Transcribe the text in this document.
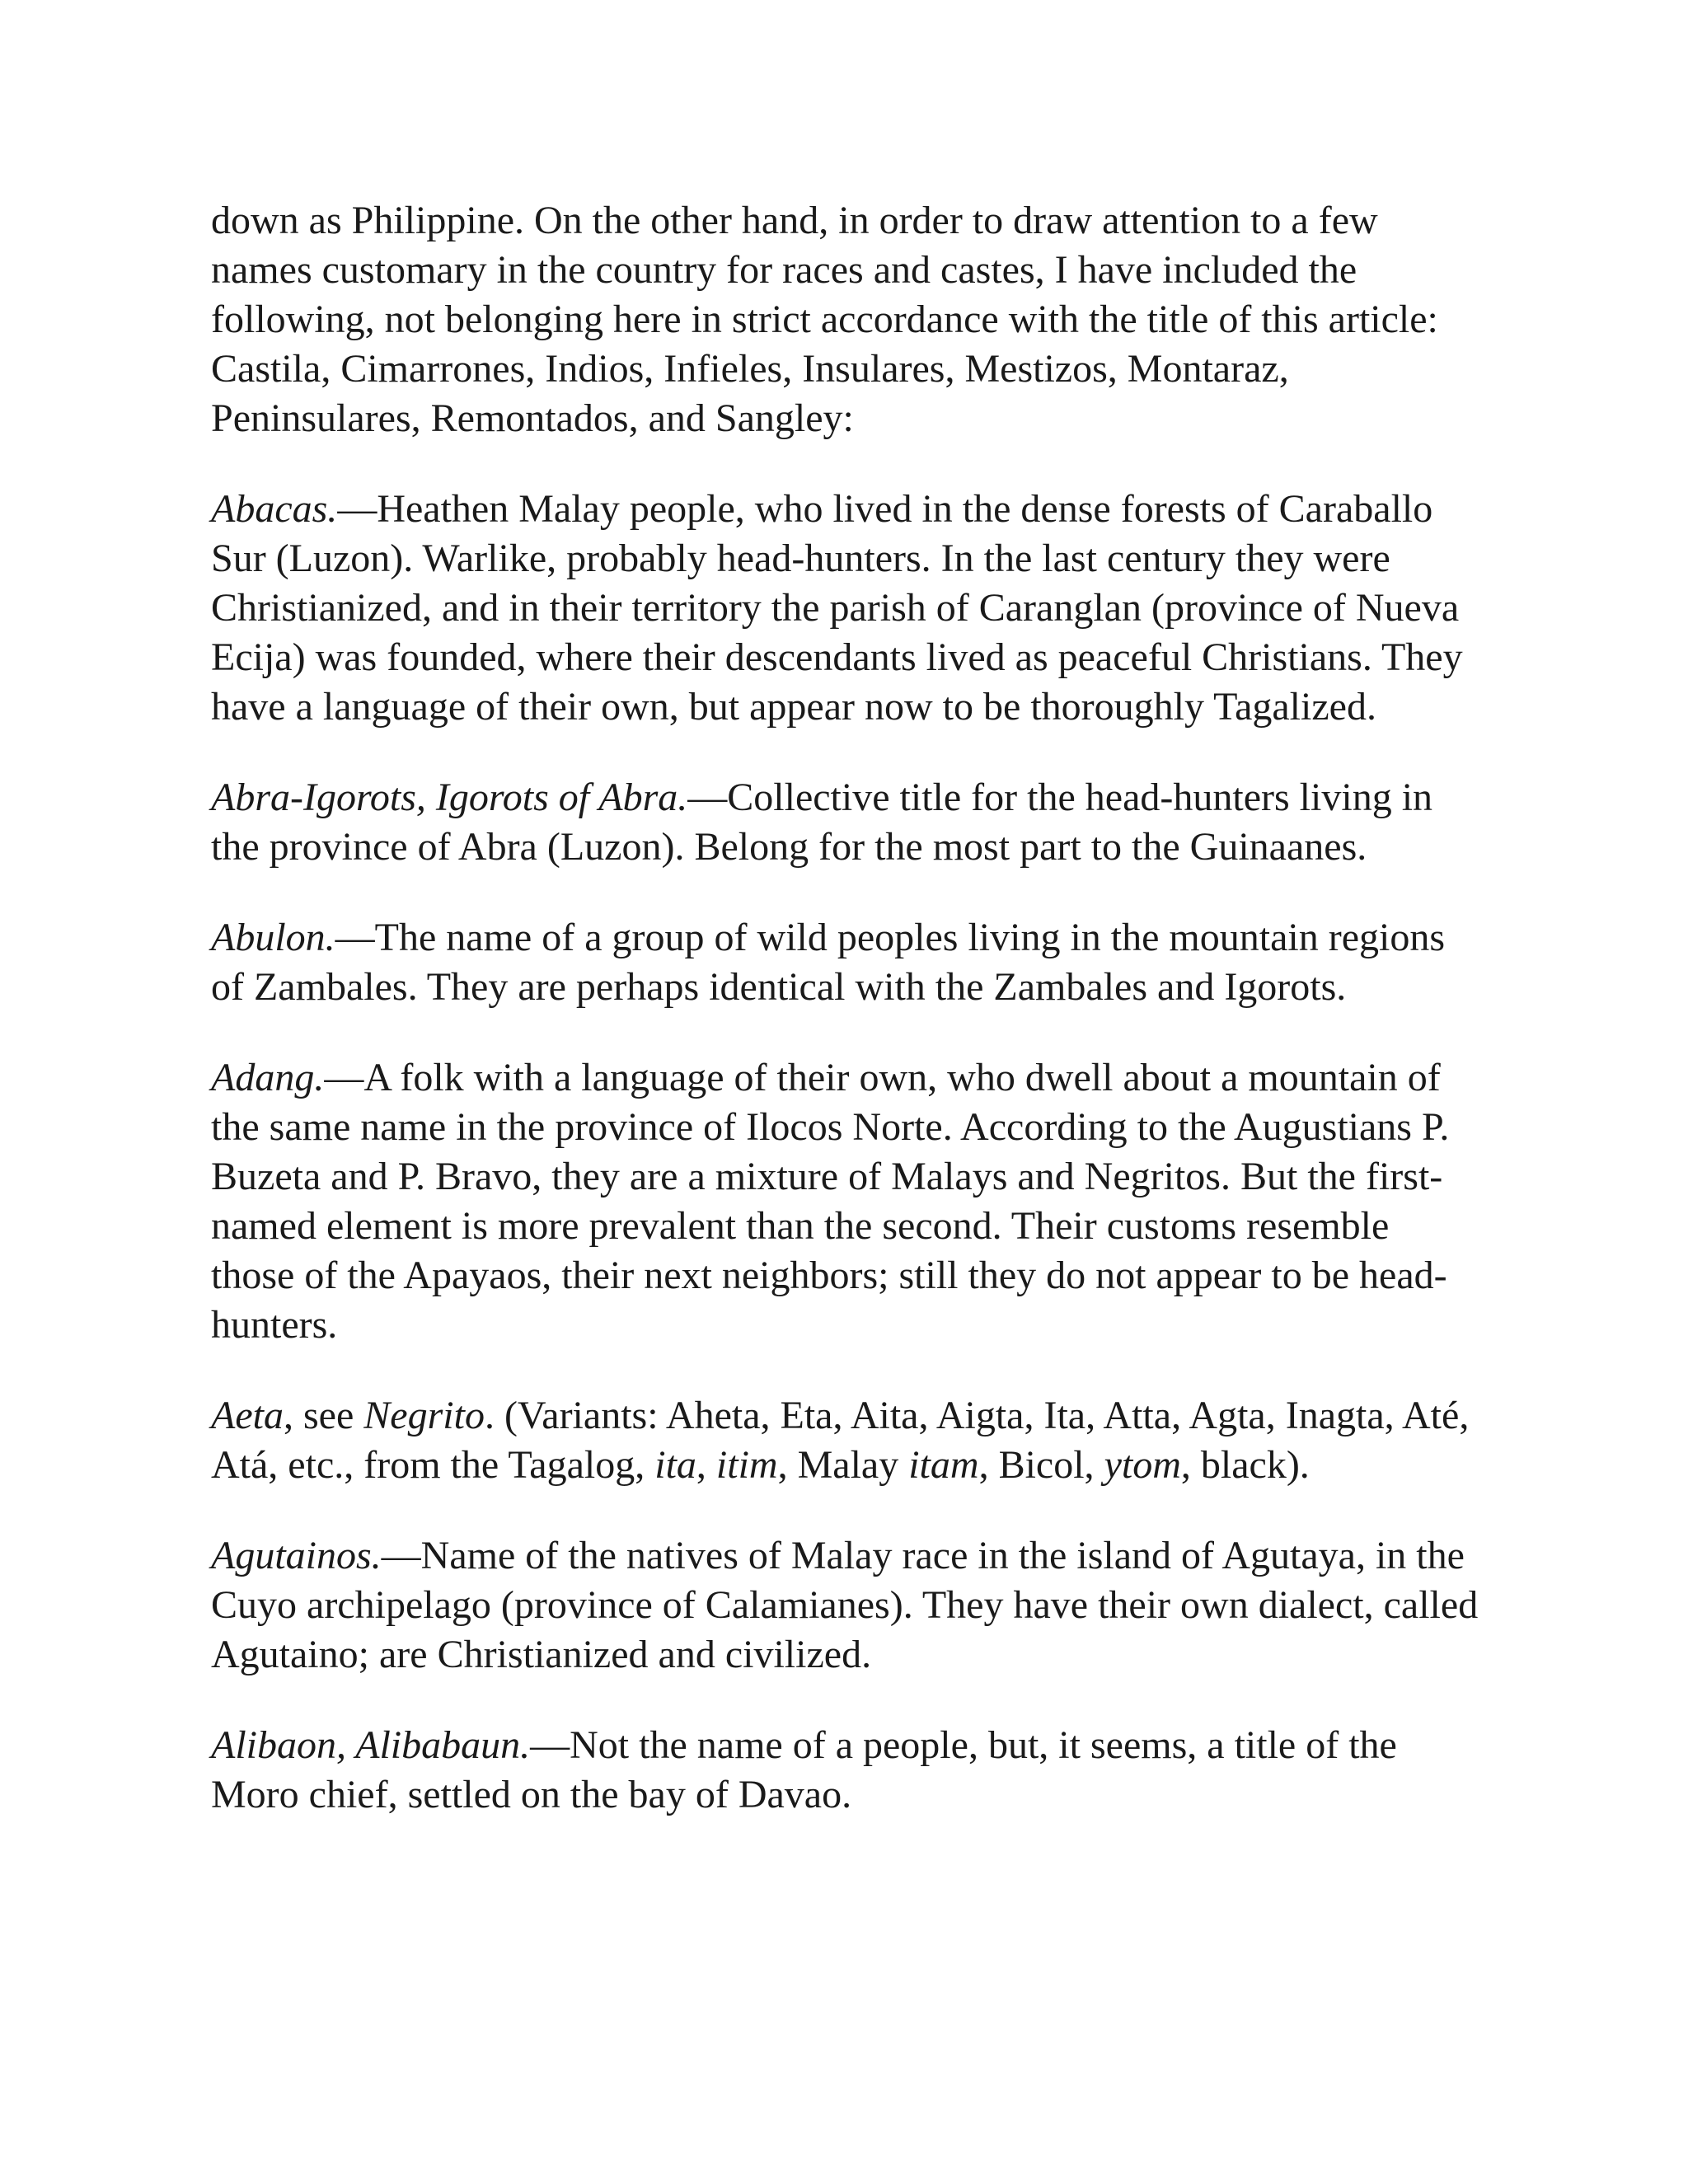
down as Philippine. On the other hand, in order to draw attention to a few names customary in the country for races and castes, I have included the following, not belonging here in strict accordance with the title of this article: Castila, Cimarrones, Indios, Infieles, Insulares, Mestizos, Montaraz, Peninsulares, Remontados, and Sangley:

Abacas.—Heathen Malay people, who lived in the dense forests of Caraballo Sur (Luzon). Warlike, probably head-hunters. In the last century they were Christianized, and in their territory the parish of Caranglan (province of Nueva Ecija) was founded, where their descendants lived as peaceful Christians. They have a language of their own, but appear now to be thoroughly Tagalized.

Abra-Igorots, Igorots of Abra.—Collective title for the head-hunters living in the province of Abra (Luzon). Belong for the most part to the Guinaanes.

Abulon.—The name of a group of wild peoples living in the mountain regions of Zambales. They are perhaps identical with the Zambales and Igorots.

Adang.—A folk with a language of their own, who dwell about a mountain of the same name in the province of Ilocos Norte. According to the Augustians P. Buzeta and P. Bravo, they are a mixture of Malays and Negritos. But the first-named element is more prevalent than the second. Their customs resemble those of the Apayaos, their next neighbors; still they do not appear to be head-hunters.

Aeta, see Negrito. (Variants: Aheta, Eta, Aita, Aigta, Ita, Atta, Agta, Inagta, Até, Atá, etc., from the Tagalog, ita, itim, Malay itam, Bicol, ytom, black).

Agutainos.—Name of the natives of Malay race in the island of Agutaya, in the Cuyo archipelago (province of Calamianes). They have their own dialect, called Agutaino; are Christianized and civilized.

Alibaon, Alibabaun.—Not the name of a people, but, it seems, a title of the Moro chief, settled on the bay of Davao.
